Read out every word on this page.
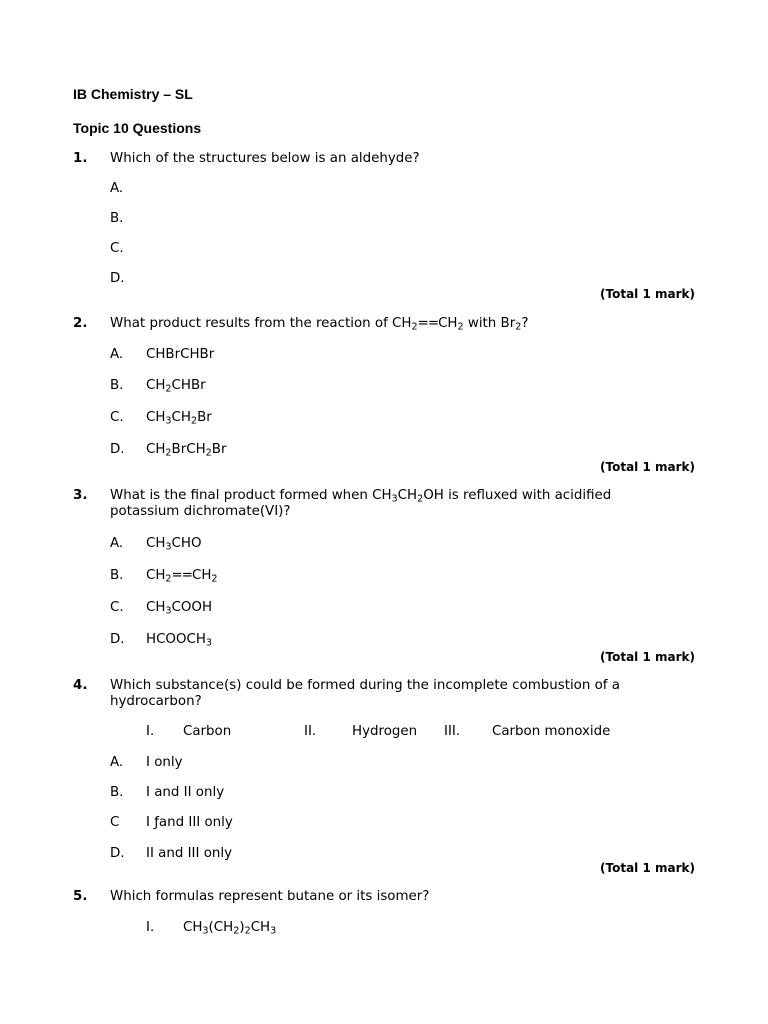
IB Chemistry – SL
Topic 10 Questions
1. Which of the structures below is an aldehyde?
A.
B.
C.
D.
(Total 1 mark)
2. What product results from the reaction of $CH_2==CH_2$ with $Br_2$?
A. CHBrCHBr
B. $CH_2CHBr$
C. $CH_3CH_2Br$
D. $CH_2BrCH_2Br$
(Total 1 mark)
3. What is the final product formed when $CH_3CH_2OH$ is refluxed with acidified potassium dichromate(VI)?
A. $CH_3CHO$
B. $CH_2==CH_2$
C. $CH_3COOH$
D. $HCOOCH_3$
(Total 1 mark)
4. Which substance(s) could be formed during the incomplete combustion of a hydrocarbon?
I. Carbon	II.	Hydrogen III. Carbon monoxide
A. I only
B. I and II only
C I ƒand III only
D. II and III only
(Total 1 mark)
5. Which formulas represent butane or its isomer?
I. $CH_3(CH_2)_2CH_3$
